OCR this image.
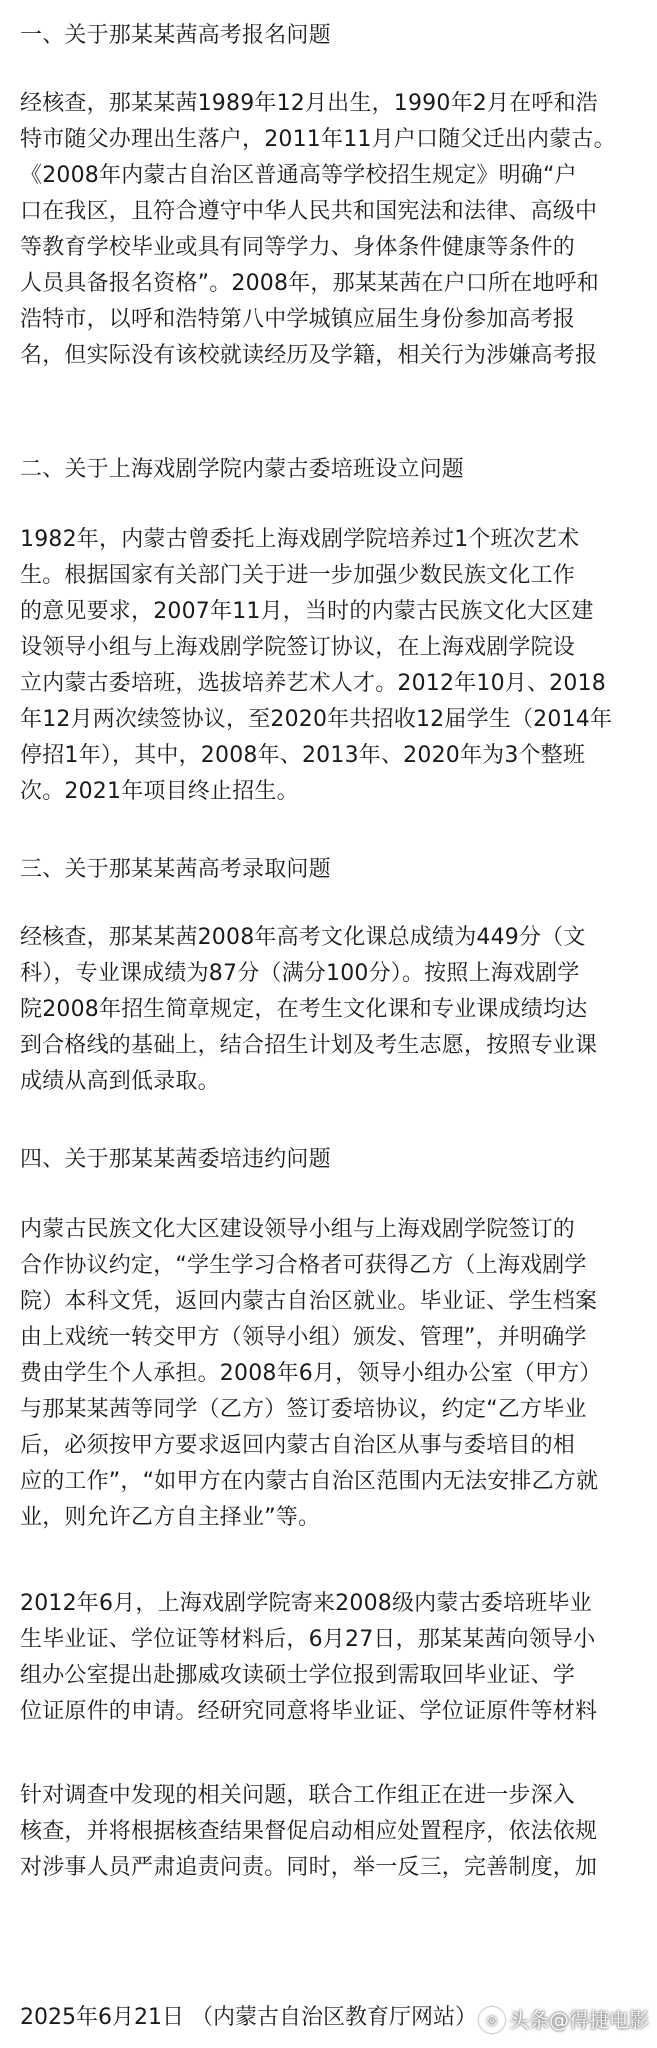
一、关于那某某茜高考报名问题
经核查，那某某茜1989年12月出生，1990年2月在呼和浩
特市随父办理出生落户，2011年11月户口随父迁出内蒙古。
《2008年内蒙古自治区普通高等学校招生规定》明确“户
口在我区，且符合遵守中华人民共和国宪法和法律、高级中
等教育学校毕业或具有同等学力、身体条件健康等条件的
人员具备报名资格”。2008年，那某某茜在户口所在地呼和
浩特市，以呼和浩特第八中学城镇应届生身份参加高考报
名，但实际没有该校就读经历及学籍，相关行为涉嫌高考报
二、关于上海戏剧学院内蒙古委培班设立问题
1982年，内蒙古曾委托上海戏剧学院培养过1个班次艺术
生。根据国家有关部门关于进一步加强少数民族文化工作
的意见要求，2007年11月，当时的内蒙古民族文化大区建
设领导小组与上海戏剧学院签订协议，在上海戏剧学院设
立内蒙古委培班，选拔培养艺术人才。2012年10月、2018
年12月两次续签协议，至2020年共招收12届学生（2014年
停招1年），其中，2008年、2013年、2020年为3个整班
次。2021年项目终止招生。
三、关于那某某茜高考录取问题
经核查，那某某茜2008年高考文化课总成绩为449分（文
科），专业课成绩为87分（满分100分）。按照上海戏剧学
院2008年招生简章规定，在考生文化课和专业课成绩均达
到合格线的基础上，结合招生计划及考生志愿，按照专业课
成绩从高到低录取。
四、关于那某某茜委培违约问题
内蒙古民族文化大区建设领导小组与上海戏剧学院签订的
合作协议约定，“学生学习合格者可获得乙方（上海戏剧学
院）本科文凭，返回内蒙古自治区就业。毕业证、学生档案
由上戏统一转交甲方（领导小组）颁发、管理”，并明确学
费由学生个人承担。2008年6月，领导小组办公室（甲方）
与那某某茜等同学（乙方）签订委培协议，约定“乙方毕业
后，必须按甲方要求返回内蒙古自治区从事与委培目的相
应的工作”，“如甲方在内蒙古自治区范围内无法安排乙方就
业，则允许乙方自主择业”等。
2012年6月，上海戏剧学院寄来2008级内蒙古委培班毕业
生毕业证、学位证等材料后，6月27日，那某某茜向领导小
组办公室提出赴挪威攻读硕士学位报到需取回毕业证、学
位证原件的申请。经研究同意将毕业证、学位证原件等材料
针对调查中发现的相关问题，联合工作组正在进一步深入
核查，并将根据核查结果督促启动相应处置程序，依法依规
对涉事人员严肃追责问责。同时，举一反三，完善制度，加
2025年6月21日 （内蒙古自治区教育厅网站） ◎ 头条@得捷电影
